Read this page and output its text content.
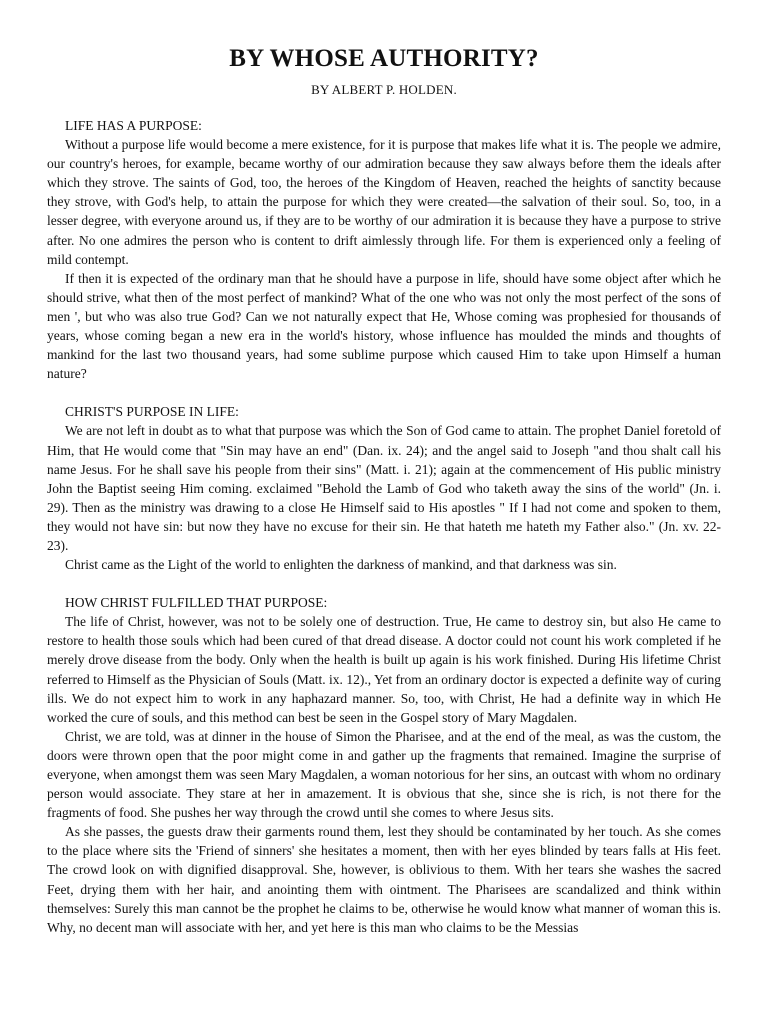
BY WHOSE AUTHORITY?
BY ALBERT P. HOLDEN.

LIFE HAS A PURPOSE:

Without a purpose life would become a mere existence, for it is purpose that makes life what it is. The people we admire, our country's heroes, for example, became worthy of our admiration because they saw always before them the ideals after which they strove. The saints of God, too, the heroes of the Kingdom of Heaven, reached the heights of sanctity because they strove, with God's help, to attain the purpose for which they were created—the salvation of their soul. So, too, in a lesser degree, with everyone around us, if they are to be worthy of our admiration it is because they have a purpose to strive after. No one admires the person who is content to drift aimlessly through life. For them is experienced only a feeling of mild contempt.

If then it is expected of the ordinary man that he should have a purpose in life, should have some object after which he should strive, what then of the most perfect of mankind? What of the one who was not only the most perfect of the sons of men ', but who was also true God? Can we not naturally expect that He, Whose coming was prophesied for thousands of years, whose coming began a new era in the world's history, whose influence has moulded the minds and thoughts of mankind for the last two thousand years, had some sublime purpose which caused Him to take upon Himself a human nature?

CHRIST'S PURPOSE IN LIFE:

We are not left in doubt as to what that purpose was which the Son of God came to attain. The prophet Daniel foretold of Him, that He would come that "Sin may have an end" (Dan. ix. 24); and the angel said to Joseph "and thou shalt call his name Jesus. For he shall save his people from their sins" (Matt. i. 21); again at the commencement of His public ministry John the Baptist seeing Him coming. exclaimed "Behold the Lamb of God who taketh away the sins of the world" (Jn. i. 29). Then as the ministry was drawing to a close He Himself said to His apostles " If I had not come and spoken to them, they would not have sin: but now they have no excuse for their sin. He that hateth me hateth my Father also." (Jn. xv. 22-23).

Christ came as the Light of the world to enlighten the darkness of mankind, and that darkness was sin.

HOW CHRIST FULFILLED THAT PURPOSE:

The life of Christ, however, was not to be solely one of destruction. True, He came to destroy sin, but also He came to restore to health those souls which had been cured of that dread disease. A doctor could not count his work completed if he merely drove disease from the body. Only when the health is built up again is his work finished. During His lifetime Christ referred to Himself as the Physician of Souls (Matt. ix. 12)., Yet from an ordinary doctor is expected a definite way of curing ills. We do not expect him to work in any haphazard manner. So, too, with Christ, He had a definite way in which He worked the cure of souls, and this method can best be seen in the Gospel story of Mary Magdalen.

Christ, we are told, was at dinner in the house of Simon the Pharisee, and at the end of the meal, as was the custom, the doors were thrown open that the poor might come in and gather up the fragments that remained. Imagine the surprise of everyone, when amongst them was seen Mary Magdalen, a woman notorious for her sins, an outcast with whom no ordinary person would associate. They stare at her in amazement. It is obvious that she, since she is rich, is not there for the fragments of food. She pushes her way through the crowd until she comes to where Jesus sits.

As she passes, the guests draw their garments round them, lest they should be contaminated by her touch. As she comes to the place where sits the 'Friend of sinners' she hesitates a moment, then with her eyes blinded by tears falls at His feet. The crowd look on with dignified disapproval. She, however, is oblivious to them. With her tears she washes the sacred Feet, drying them with her hair, and anointing them with ointment. The Pharisees are scandalized and think within themselves: Surely this man cannot be the prophet he claims to be, otherwise he would know what manner of woman this is. Why, no decent man will associate with her, and yet here is this man who claims to be the Messias
